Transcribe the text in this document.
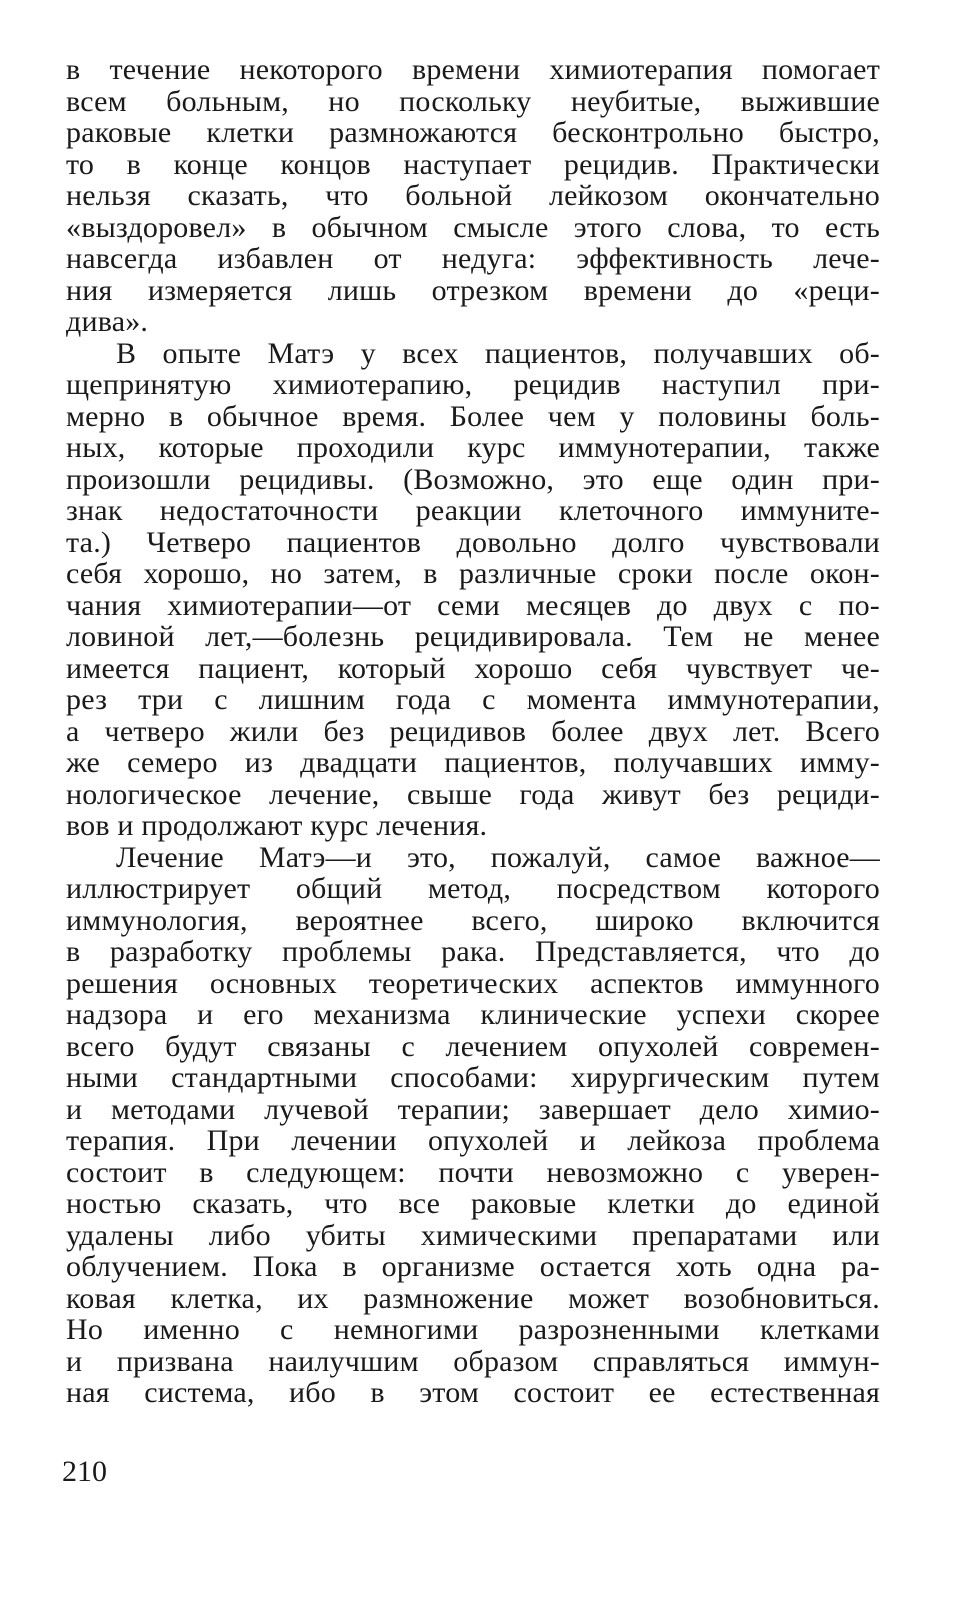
в течение некоторого времени химиотерапия помогает
всем больным, но поскольку неубитые, выжившие
раковые клетки размножаются бесконтрольно быстро,
то в конце концов наступает рецидив. Практически
нельзя сказать, что больной лейкозом окончательно
«выздоровел» в обычном смысле этого слова, то есть
навсегда избавлен от недуга: эффективность лече-
ния измеряется лишь отрезком времени до «реци-
дива».
В опыте Матэ у всех пациентов, получавших об-
щепринятую химиотерапию, рецидив наступил при-
мерно в обычное время. Более чем у половины боль-
ных, которые проходили курс иммунотерапии, также
произошли рецидивы. (Возможно, это еще один при-
знак недостаточности реакции клеточного иммуните-
та.) Четверо пациентов довольно долго чувствовали
себя хорошо, но затем, в различные сроки после окон-
чания химиотерапии—от семи месяцев до двух с по-
ловиной лет,—болезнь рецидивировала. Тем не менее
имеется пациент, который хорошо себя чувствует че-
рез три с лишним года с момента иммунотерапии,
а четверо жили без рецидивов более двух лет. Всего
же семеро из двадцати пациентов, получавших имму-
нологическое лечение, свыше года живут без рециди-
вов и продолжают курс лечения.
Лечение Матэ—и это, пожалуй, самое важное—
иллюстрирует общий метод, посредством которого
иммунология, вероятнее всего, широко включится
в разработку проблемы рака. Представляется, что до
решения основных теоретических аспектов иммунного
надзора и его механизма клинические успехи скорее
всего будут связаны с лечением опухолей современ-
ными стандартными способами: хирургическим путем
и методами лучевой терапии; завершает дело химио-
терапия. При лечении опухолей и лейкоза проблема
состоит в следующем: почти невозможно с уверен-
ностью сказать, что все раковые клетки до единой
удалены либо убиты химическими препаратами или
облучением. Пока в организме остается хоть одна ра-
ковая клетка, их размножение может возобновиться.
Но именно с немногими разрозненными клетками
и призвана наилучшим образом справляться иммун-
ная система, ибо в этом состоит ее естественная
210
